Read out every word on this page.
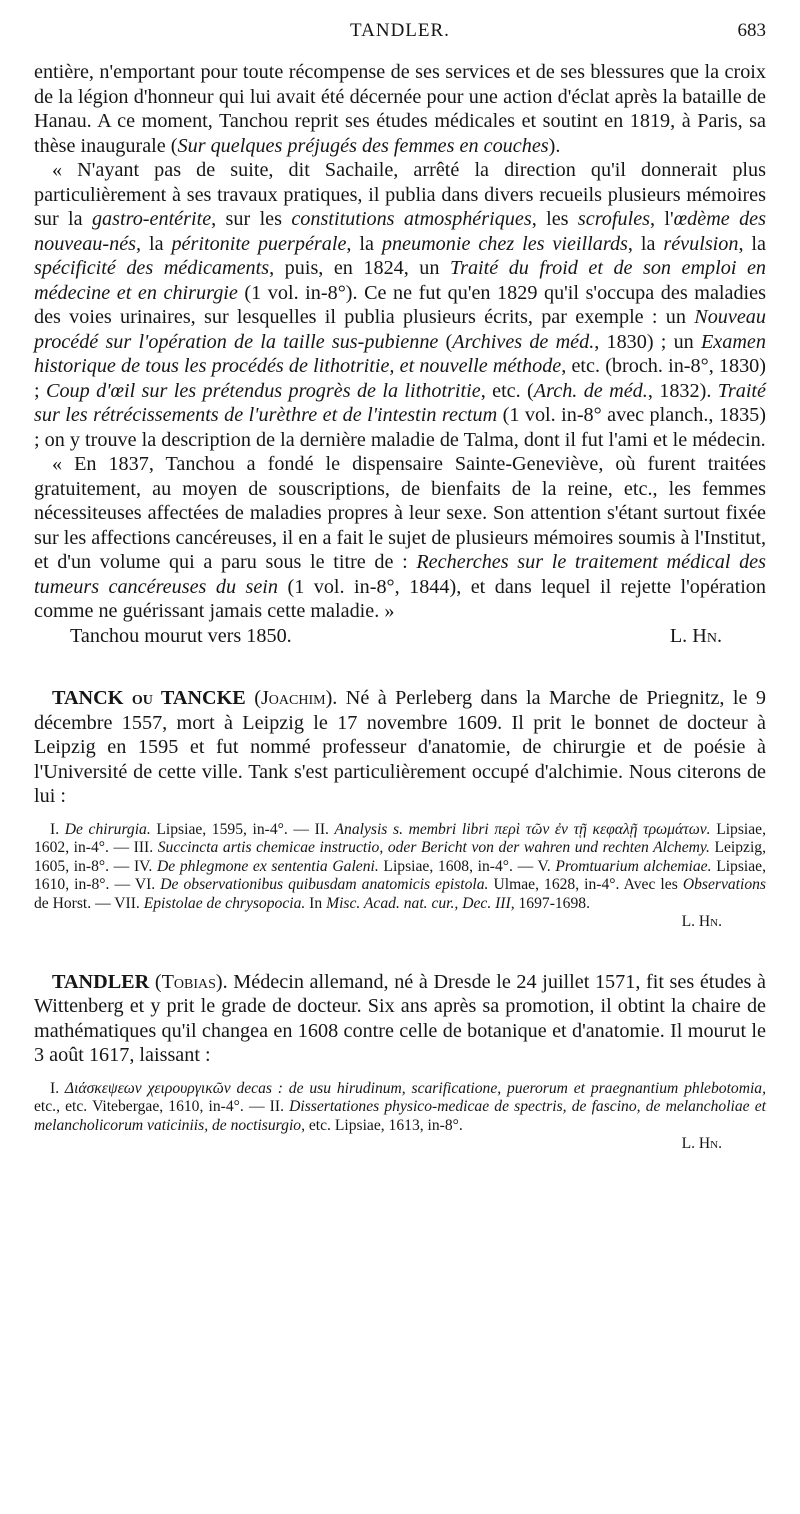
TANDLER.	683

entière, n'emportant pour toute récompense de ses services et de ses blessures que la croix de la légion d'honneur qui lui avait été décernée pour une action d'éclat après la bataille de Hanau. A ce moment, Tanchou reprit ses études médicales et soutint en 1819, à Paris, sa thèse inaugurale (Sur quelques préjugés des femmes en couches).

« N'ayant pas de suite, dit Sachaile, arrêté la direction qu'il donnerait plus particulièrement à ses travaux pratiques, il publia dans divers recueils plusieurs mémoires sur la gastro-entérite, sur les constitutions atmosphériques, les scrofules, l'œdème des nouveau-nés, la péritonite puerpérale, la pneumonie chez les vieillards, la révulsion, la spécificité des médicaments, puis, en 1824, un Traité du froid et de son emploi en médecine et en chirurgie (1 vol. in-8°). Ce ne fut qu'en 1829 qu'il s'occupa des maladies des voies urinaires, sur lesquelles il publia plusieurs écrits, par exemple : un Nouveau procédé sur l'opération de la taille sus-pubienne (Archives de méd., 1830) ; un Examen historique de tous les procédés de lithotritie, et nouvelle méthode, etc. (broch. in-8°, 1830) ; Coup d'œil sur les prétendus progrès de la lithotritie, etc. (Arch. de méd., 1832). Traité sur les rétrécissements de l'urèthre et de l'intestin rectum (1 vol. in-8° avec planch., 1835) ; on y trouve la description de la dernière maladie de Talma, dont il fut l'ami et le médecin.

« En 1837, Tanchou a fondé le dispensaire Sainte-Geneviève, où furent traitées gratuitement, au moyen de souscriptions, de bienfaits de la reine, etc., les femmes nécessiteuses affectées de maladies propres à leur sexe. Son attention s'étant surtout fixée sur les affections cancéreuses, il en a fait le sujet de plusieurs mémoires soumis à l'Institut, et d'un volume qui a paru sous le titre de : Recherches sur le traitement médical des tumeurs cancéreuses du sein (1 vol. in-8°, 1844), et dans lequel il rejette l'opération comme ne guérissant jamais cette maladie. »

Tanchou mourut vers 1850.	L. Hn.

TANCK ou TANCKE (Joachim). Né à Perleberg dans la Marche de Priegnitz, le 9 décembre 1557, mort à Leipzig le 17 novembre 1609. Il prit le bonnet de docteur à Leipzig en 1595 et fut nommé professeur d'anatomie, de chirurgie et de poésie à l'Université de cette ville. Tank s'est particulièrement occupé d'alchimie. Nous citerons de lui :

I. De chirurgia. Lipsiae, 1595, in-4°. — II. Analysis s. membri libri περὶ τῶν ἐν τῇ κεφαλῇ τρωμάτων. Lipsiae, 1602, in-4°. — III. Succincta artis chemicae instructio, oder Bericht von der wahren und rechten Alchemy. Leipzig, 1605, in-8°. — IV. De phlegmone ex sententia Galeni. Lipsiae, 1608, in-4°. — V. Promtuarium alchemiae. Lipsiae, 1610, in-8°. — VI. De observationibus quibusdam anatomicis epistola. Ulmae, 1628, in-4°. Avec les Observations de Horst. — VII. Epistolae de chrysopocia. In Misc. Acad. nat. cur., Dec. III, 1697-1698.

L. Hn.

TANDLER (Tobias). Médecin allemand, né à Dresde le 24 juillet 1571, fit ses études à Wittenberg et y prit le grade de docteur. Six ans après sa promotion, il obtint la chaire de mathématiques qu'il changea en 1608 contre celle de botanique et d'anatomie. Il mourut le 3 août 1617, laissant :

I. Διάσκεψεων χειρουργικῶν decas : de usu hirudinum, scarificatione, puerorum et praegnantium phlebotomia, etc., etc. Vitebergae, 1610, in-4°. — II. Dissertationes physico-medicae de spectris, de fascino, de melancholiae et melancholicorum vaticiniis, de noctisurgio, etc. Lipsiae, 1613, in-8°.

L. Hn.
